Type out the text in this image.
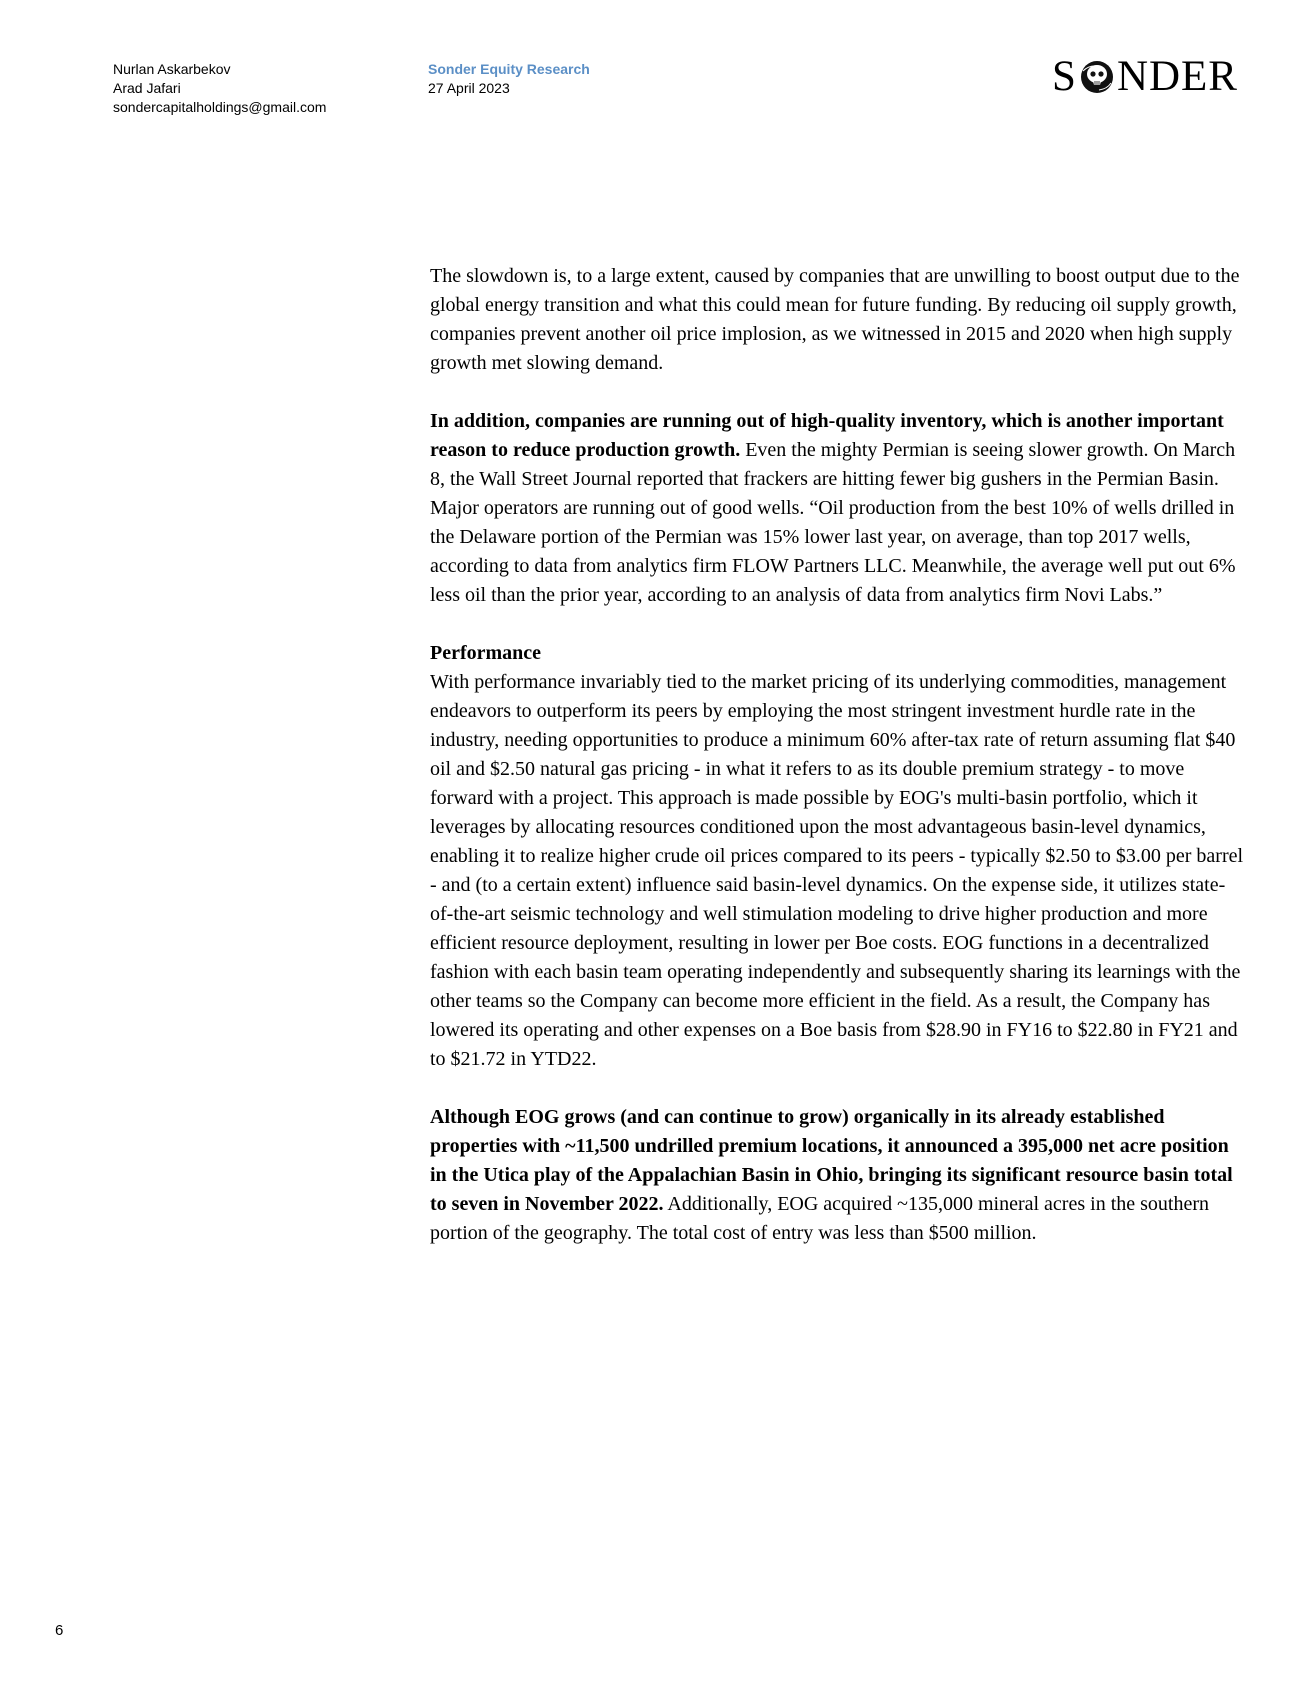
Nurlan Askarbekov
Arad Jafari
sondercapitalholdings@gmail.com
Sonder Equity Research
27 April 2023	S NDER

The slowdown is, to a large extent, caused by companies that are unwilling to boost output due to the global energy transition and what this could mean for future funding. By reducing oil supply growth, companies prevent another oil price implosion, as we witnessed in 2015 and 2020 when high supply growth met slowing demand.

In addition, companies are running out of high-quality inventory, which is another important reason to reduce production growth. Even the mighty Permian is seeing slower growth. On March 8, the Wall Street Journal reported that frackers are hitting fewer big gushers in the Permian Basin. Major operators are running out of good wells. “Oil production from the best 10% of wells drilled in the Delaware portion of the Permian was 15% lower last year, on average, than top 2017 wells, according to data from analytics firm FLOW Partners LLC. Meanwhile, the average well put out 6% less oil than the prior year, according to an analysis of data from analytics firm Novi Labs.”

Performance
With performance invariably tied to the market pricing of its underlying commodities, management endeavors to outperform its peers by employing the most stringent investment hurdle rate in the industry, needing opportunities to produce a minimum 60% after-tax rate of return assuming flat $40 oil and $2.50 natural gas pricing - in what it refers to as its double premium strategy - to move forward with a project. This approach is made possible by EOG's multi-basin portfolio, which it leverages by allocating resources conditioned upon the most advantageous basin-level dynamics, enabling it to realize higher crude oil prices compared to its peers - typically $2.50 to $3.00 per barrel - and (to a certain extent) influence said basin-level dynamics. On the expense side, it utilizes state-of-the-art seismic technology and well stimulation modeling to drive higher production and more efficient resource deployment, resulting in lower per Boe costs. EOG functions in a decentralized fashion with each basin team operating independently and subsequently sharing its learnings with the other teams so the Company can become more efficient in the field. As a result, the Company has lowered its operating and other expenses on a Boe basis from $28.90 in FY16 to $22.80 in FY21 and to $21.72 in YTD22.

Although EOG grows (and can continue to grow) organically in its already established properties with ~11,500 undrilled premium locations, it announced a 395,000 net acre position in the Utica play of the Appalachian Basin in Ohio, bringing its significant resource basin total to seven in November 2022. Additionally, EOG acquired ~135,000 mineral acres in the southern portion of the geography. The total cost of entry was less than $500 million.

6
